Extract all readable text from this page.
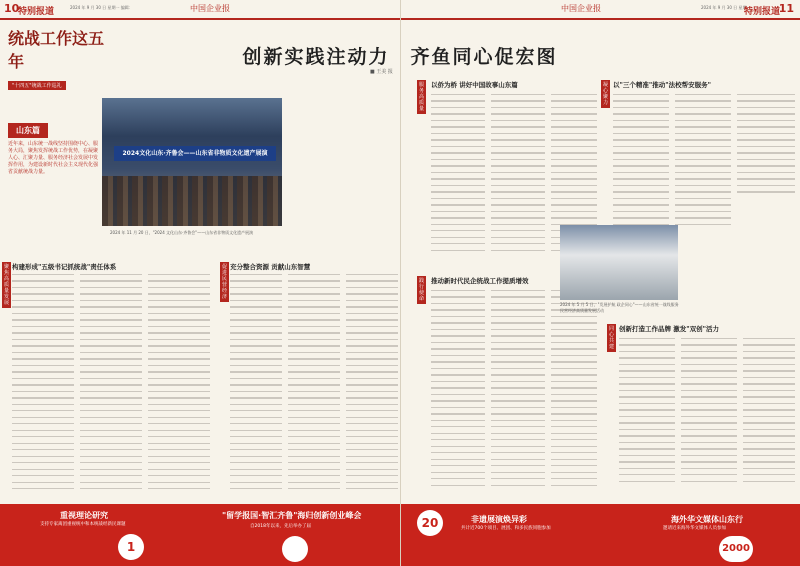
10
特别报道	2024 年 9 月 30 日 星期一 编辑：	中国企业报
统战工作这五年
"十四五"统战工作巡礼
山东篇
近年来，山东统一战线坚持围绕中心、服务大局，聚焦发挥统战工作优势，在凝聚人心、汇聚力量、服务经济社会发展中发挥作用，为建设新时代社会主义现代化强省贡献统战力量。
2024文化山东·齐鲁会——山东省非物质文化遗产展演
2024 年 11 月 20 日，"2024 文化山东·齐鲁会"——山东省非物质文化遗产展演
构建形成"五级书记抓统战"责任体系	充分整合资源 贡献山东智慧
聚焦高质量发展
促进民营经济
重视理论研究
支持专家离团重视统中和本统战经新民课题
1
"留学报国·智汇齐鲁"海归创新创业峰会
自2018年以来，先后举办了届
中国企业报	2024 年 9 月 30 日 星期一
特别报道
11
以侨为桥 讲好中国故事山东篇	以"三个精准"推动"法校帮安服务"
推动新时代民企统战工作提质增效
创新打造工作品牌 激发"双创"活力
服务高质量
凝心聚力
践行使命
同心共建
20	非遗展演焕异彩
共计近700个项目、展团、和多民族同胞参加
海外华文媒体山东行
邀请近来海外华文媒体人员参加
2000
创新实践注动力　齐鱼同心促宏图
■ 王美 报
2024 年 5 月 5 日，"发展护航 政企同心"——山东省统一战线服务民营经济高质量发展活动
